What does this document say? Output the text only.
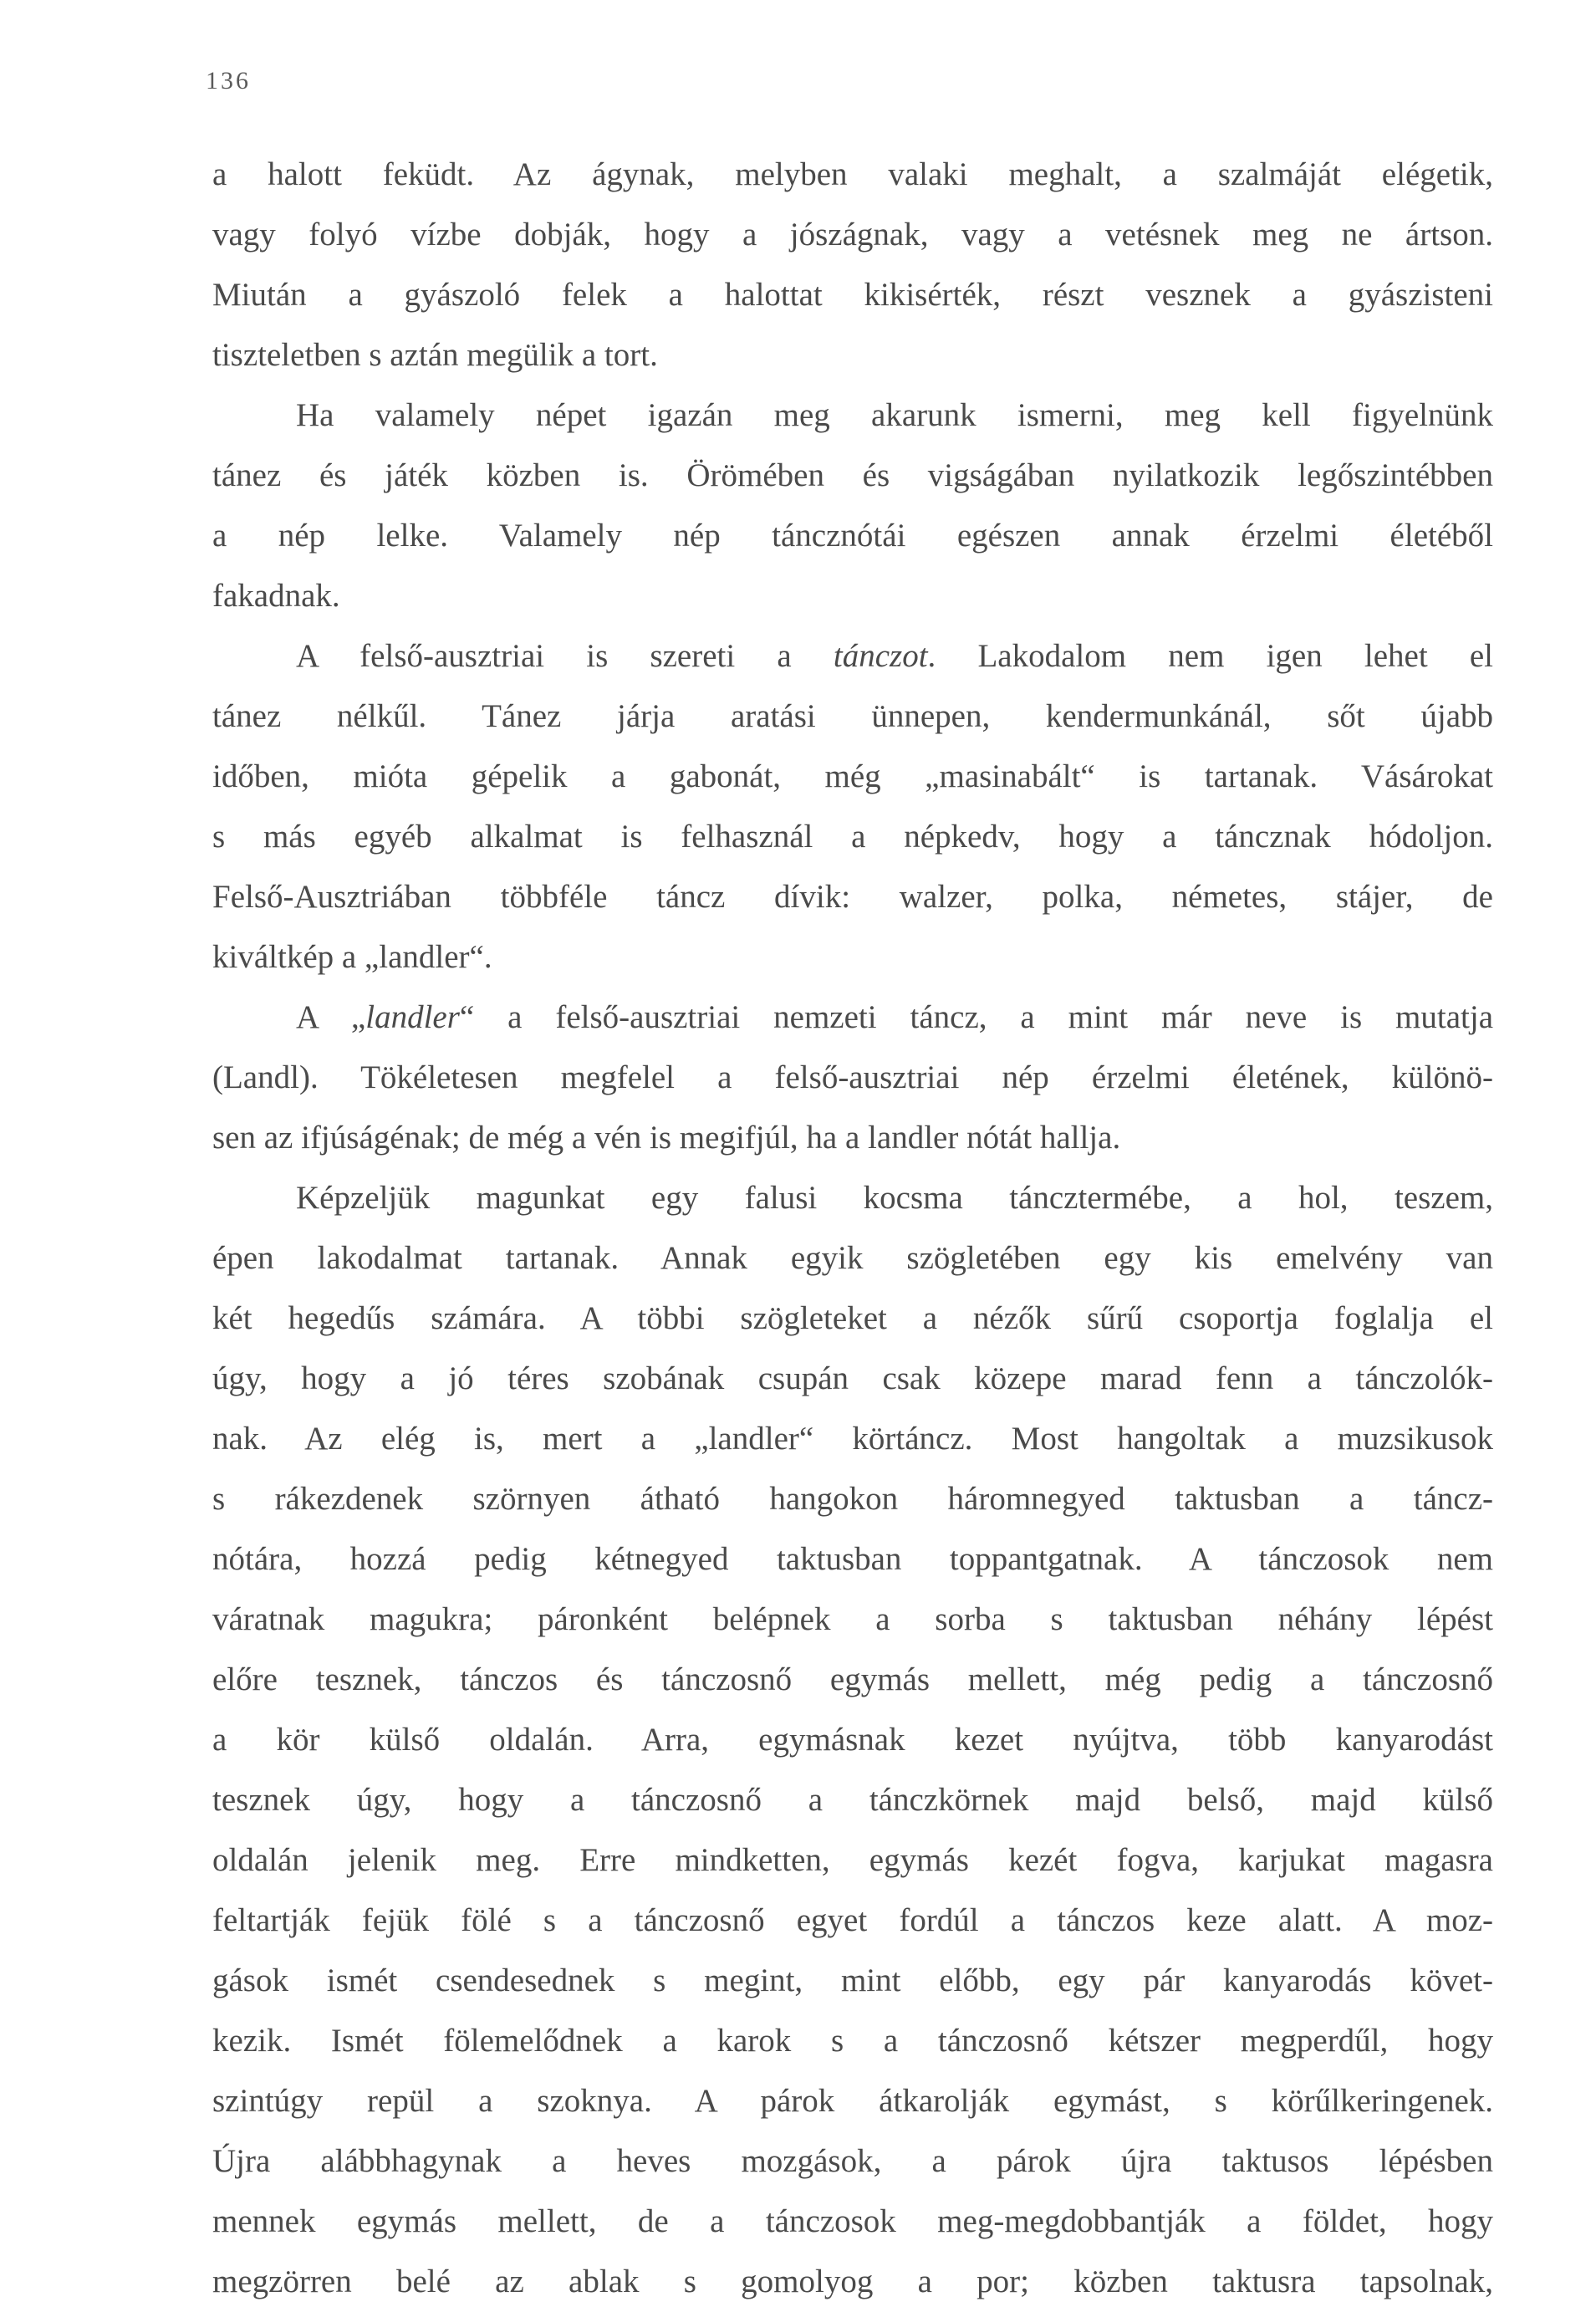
136
a halott feküdt. Az ágynak, melyben valaki meghalt, a szalmáját elégetik,
vagy folyó vízbe dobják, hogy a jószágnak, vagy a vetésnek meg ne ártson.
Miután a gyászoló felek a halottat kikisérték, részt vesznek a gyászisteni
tiszteletben s aztán megülik a tort.
Ha valamely népet igazán meg akarunk ismerni, meg kell figyelnünk
tánez és játék közben is. Örömében és vigságában nyilatkozik legőszintébben
a nép lelke. Valamely nép táncznótái egészen annak érzelmi életéből
fakadnak.
A felső-ausztriai is szereti a tánczot. Lakodalom nem igen lehet el
tánez nélkűl. Tánez járja aratási ünnepen, kendermunkánál, sőt újabb
időben, mióta gépelik a gabonát, még „masinabált“ is tartanak. Vásárokat
s más egyéb alkalmat is felhasznál a népkedv, hogy a táncznak hódoljon.
Felső-Ausztriában többféle táncz dívik: walzer, polka, németes, stájer, de
kiváltkép a „landler“.
A „landler“ a felső-ausztriai nemzeti táncz, a mint már neve is mutatja
(Landl). Tökéletesen megfelel a felső-ausztriai nép érzelmi életének, különö-
sen az ifjúságénak; de még a vén is megifjúl, ha a landler nótát hallja.
Képzeljük magunkat egy falusi kocsma táncztermébe, a hol, teszem,
épen lakodalmat tartanak. Annak egyik szögletében egy kis emelvény van
két hegedűs számára. A többi szögleteket a nézők sűrű csoportja foglalja el
úgy, hogy a jó téres szobának csupán csak közepe marad fenn a tánczolók-
nak. Az elég is, mert a „landler“ körtáncz. Most hangoltak a muzsikusok
s rákezdenek szörnyen átható hangokon háromnegyed taktusban a táncz-
nótára, hozzá pedig kétnegyed taktusban toppantgatnak. A tánczosok nem
váratnak magukra; páronként belépnek a sorba s taktusban néhány lépést
előre tesznek, tánczos és tánczosnő egymás mellett, még pedig a tánczosnő
a kör külső oldalán. Arra, egymásnak kezet nyújtva, több kanyarodást
tesznek úgy, hogy a tánczosnő a tánczkörnek majd belső, majd külső
oldalán jelenik meg. Erre mindketten, egymás kezét fogva, karjukat magasra
feltartják fejük fölé s a tánczosnő egyet fordúl a tánczos keze alatt. A moz-
gások ismét csendesednek s megint, mint előbb, egy pár kanyarodás követ-
kezik. Ismét fölemelődnek a karok s a tánczosnő kétszer megperdűl, hogy
szintúgy repül a szoknya. A párok átkarolják egymást, s körűlkeringenek.
Újra alábbhagynak a heves mozgások, a párok újra taktusos lépésben
mennek egymás mellett, de a tánczosok meg-megdobbantják a földet, hogy
megzörren belé az ablak s gomolyog a por; közben taktusra tapsolnak,
